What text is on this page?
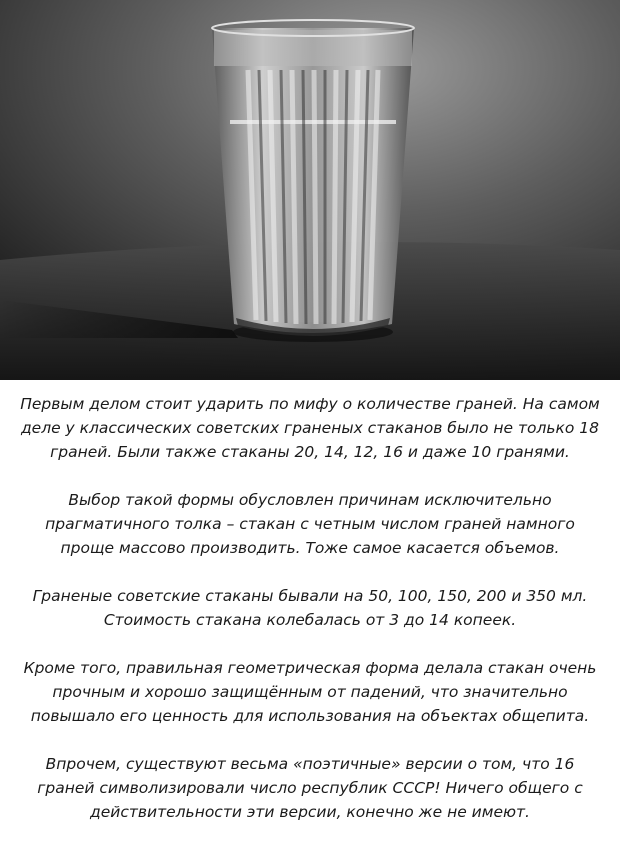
Первым делом стоит ударить по мифу о количестве граней. На самом деле у классических советских граненых стаканов было не только 18 граней. Были также стаканы 20, 14, 12, 16 и даже 10 гранями.

Выбор такой формы обусловлен причинам исключительно прагматичного толка – стакан с четным числом граней намного проще массово производить. Тоже самое касается объемов.

Граненые советские стаканы бывали на 50, 100, 150, 200 и 350 мл. Стоимость стакана колебалась от 3 до 14 копеек.

Кроме того, правильная геометрическая форма делала стакан очень прочным и хорошо защищённым от падений, что значительно повышало его ценность для использования на объектах общепита.

Впрочем, существуют весьма «поэтичные» версии о том, что 16 граней символизировали число республик СССР! Ничего общего с действительности эти версии, конечно же не имеют.
